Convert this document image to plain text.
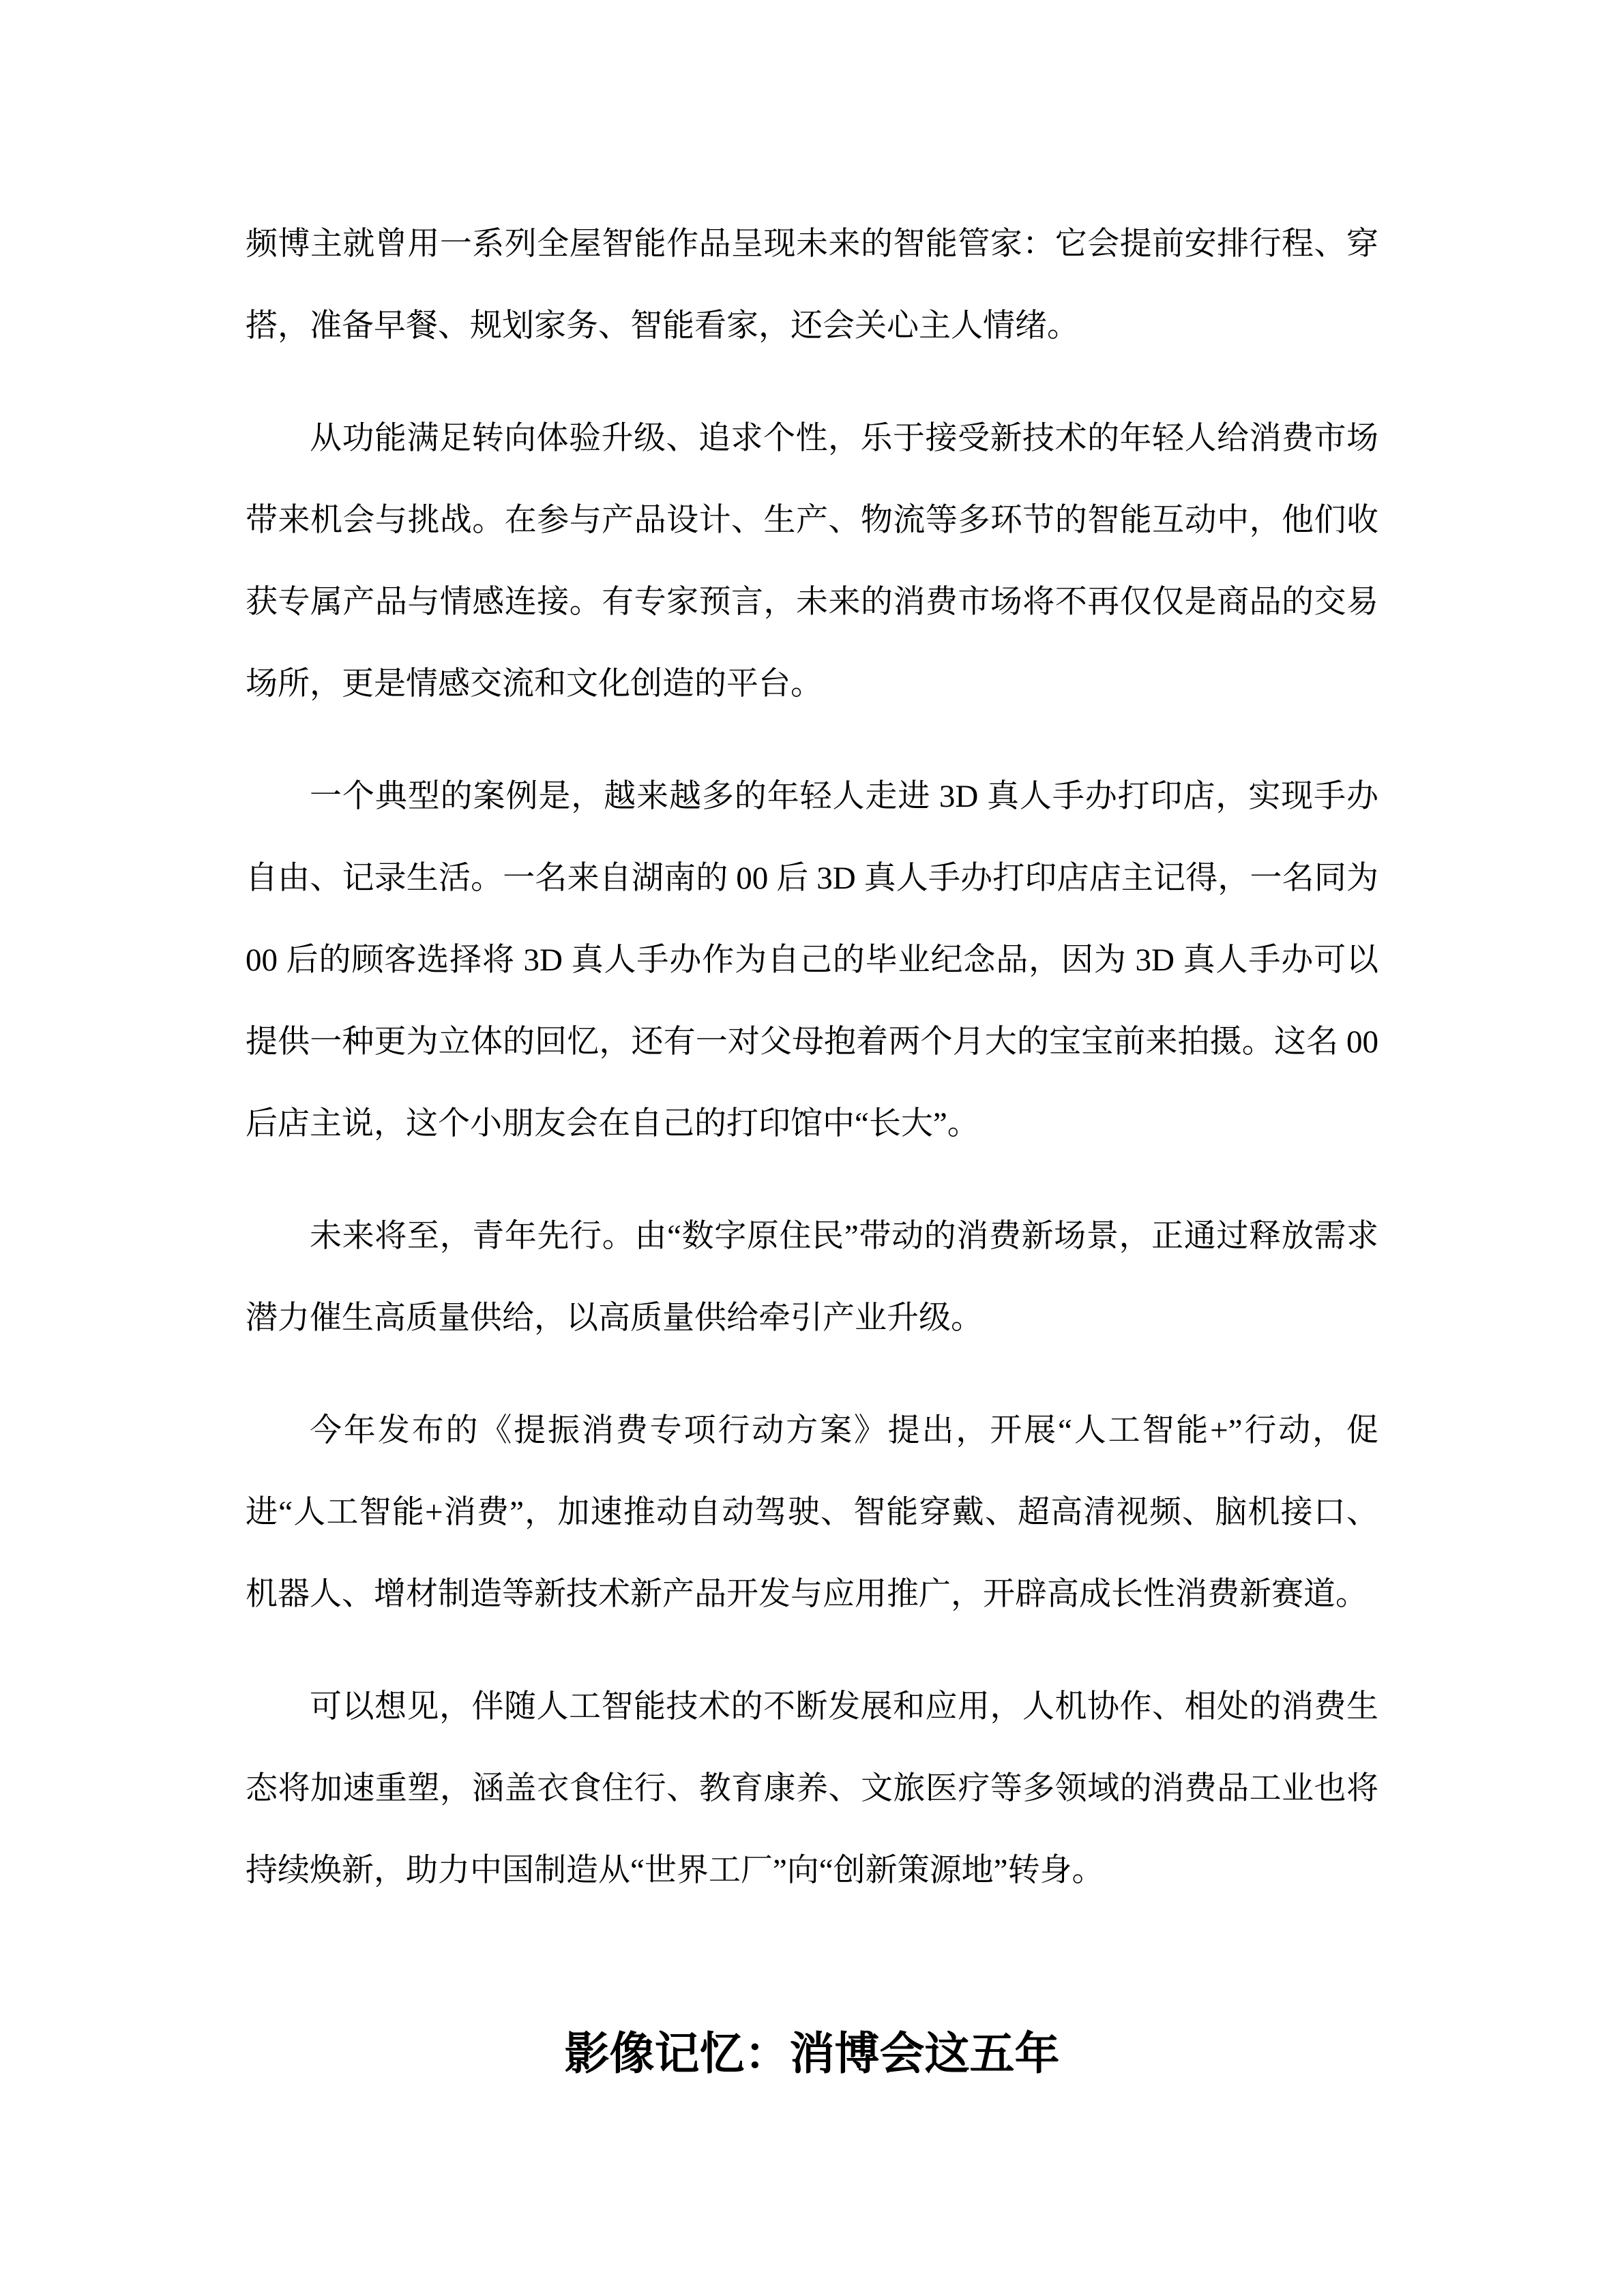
频博主就曾用一系列全屋智能作品呈现未来的智能管家：它会提前安排行程、穿搭，准备早餐、规划家务、智能看家，还会关心主人情绪。

从功能满足转向体验升级、追求个性，乐于接受新技术的年轻人给消费市场带来机会与挑战。在参与产品设计、生产、物流等多环节的智能互动中，他们收获专属产品与情感连接。有专家预言，未来的消费市场将不再仅仅是商品的交易场所，更是情感交流和文化创造的平台。

一个典型的案例是，越来越多的年轻人走进 3D 真人手办打印店，实现手办自由、记录生活。一名来自湖南的 00 后 3D 真人手办打印店店主记得，一名同为 00 后的顾客选择将 3D 真人手办作为自己的毕业纪念品，因为 3D 真人手办可以提供一种更为立体的回忆，还有一对父母抱着两个月大的宝宝前来拍摄。这名 00 后店主说，这个小朋友会在自己的打印馆中“长大”。

未来将至，青年先行。由“数字原住民”带动的消费新场景，正通过释放需求潜力催生高质量供给，以高质量供给牵引产业升级。

今年发布的《提振消费专项行动方案》提出，开展“人工智能+”行动，促进“人工智能+消费”，加速推动自动驾驶、智能穿戴、超高清视频、脑机接口、机器人、增材制造等新技术新产品开发与应用推广，开辟高成长性消费新赛道。

可以想见，伴随人工智能技术的不断发展和应用，人机协作、相处的消费生态将加速重塑，涵盖衣食住行、教育康养、文旅医疗等多领域的消费品工业也将持续焕新，助力中国制造从“世界工厂”向“创新策源地”转身。

影像记忆：消博会这五年
